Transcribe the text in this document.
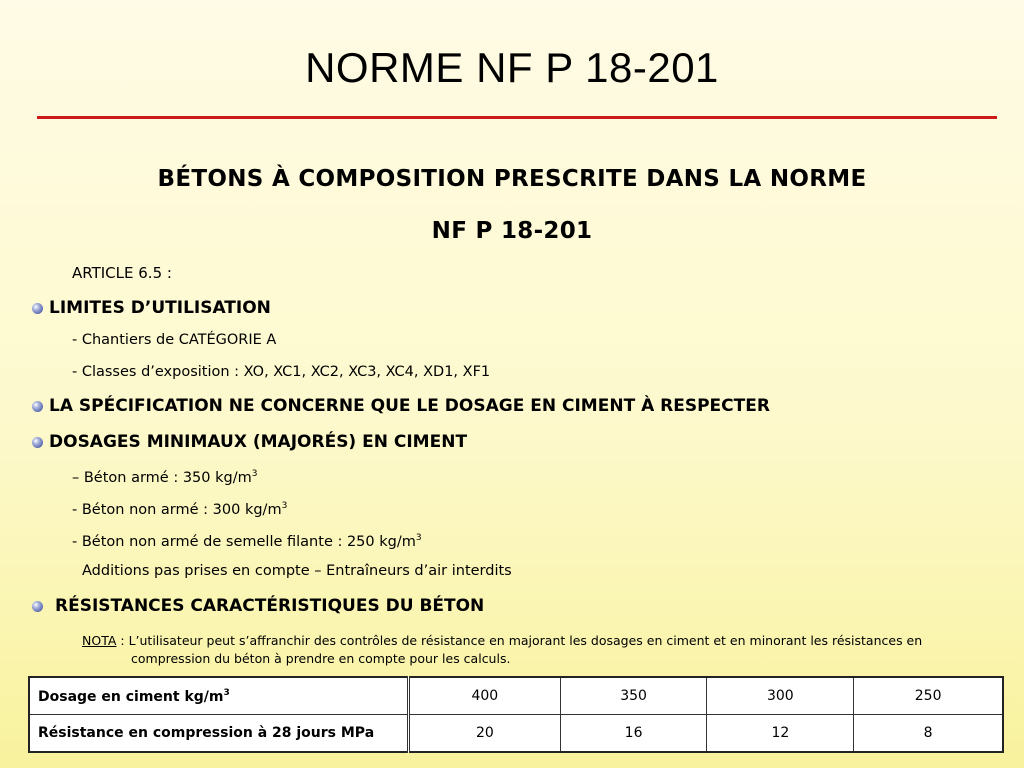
NORME NF P 18-201
BÉTONS À COMPOSITION PRESCRITE DANS LA NORME
NF P 18-201
ARTICLE 6.5 :
LIMITES D’UTILISATION
- Chantiers de CATÉGORIE A
- Classes d’exposition : XO, XC1, XC2, XC3, XC4, XD1, XF1
LA SPÉCIFICATION NE CONCERNE QUE LE DOSAGE EN CIMENT À RESPECTER
DOSAGES MINIMAUX (MAJORÉS) EN CIMENT
– Béton armé : 350 $kg/m^3$
- Béton non armé : 300 $kg/m^3$
- Béton non armé de semelle filante : 250 $kg/m^3$
Additions pas prises en compte – Entraîneurs d’air interdits
RÉSISTANCES CARACTÉRISTIQUES DU BÉTON
NOTA : L’utilisateur peut s’affranchir des contrôles de résistance en majorant les dosages en ciment et en minorant les résistances en
compression du béton à prendre en compte pour les calculs.
Dosage en ciment $kg/m^3$	400	350	300	250
Résistance en compression à 28 jours MPa	20	16	12	8
